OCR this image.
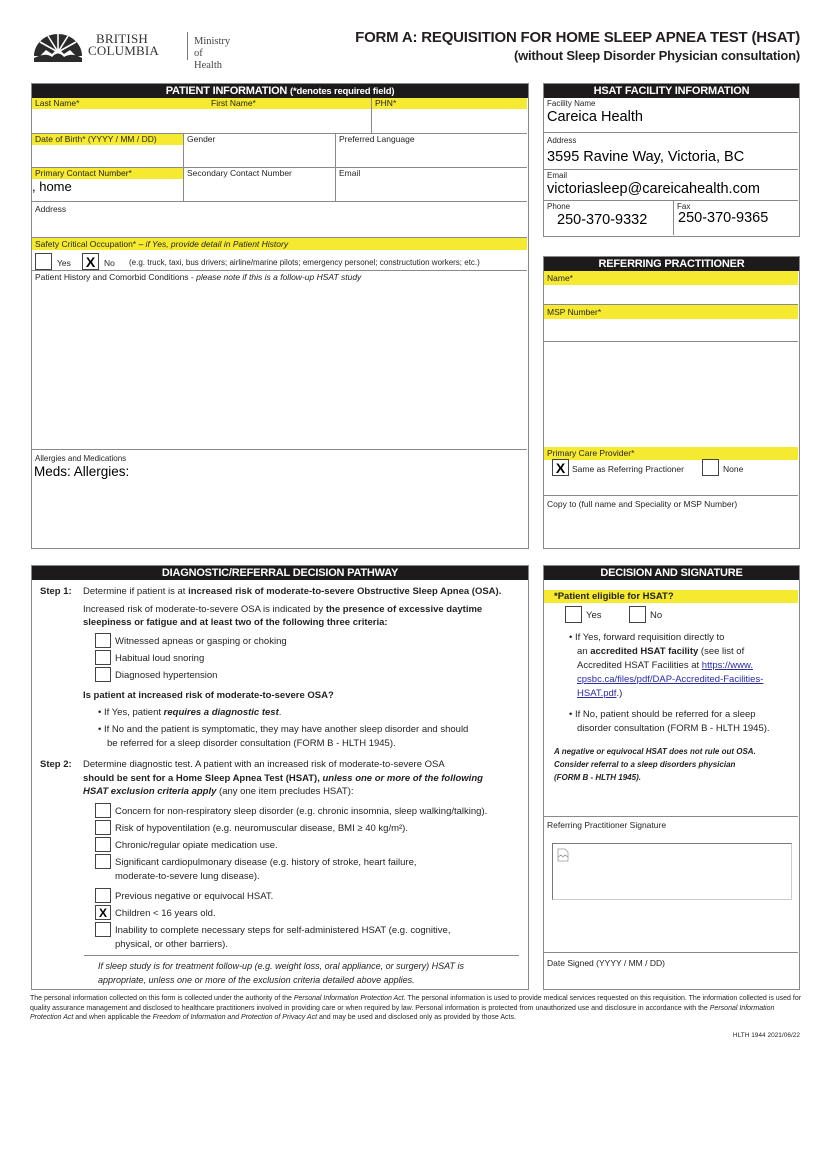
BRITISH
COLUMBIA
Ministry of
Health
FORM A: REQUISITION FOR HOME SLEEP APNEA TEST (HSAT)
(without Sleep Disorder Physician consultation)
PATIENT INFORMATION (*denotes required field)
Last Name*	First Name*	PHN*
Date of Birth* (YYYY / MM / DD)	Gender	Preferred Language
Primary Contact Number*
, home
Secondary Contact Number	Email
Address
Safety Critical Occupation* – if Yes, provide detail in Patient History
Yes X	No (e.g. truck, taxi, bus drivers; airline/marine pilots; emergency personel; constructution workers; etc.)
Patient History and Comorbid Conditions - please note if this is a follow-up HSAT study
Allergies and Medications
Meds: Allergies:
HSAT FACILITY INFORMATION
Facility Name
Careica Health
Address
3595 Ravine Way, Victoria, BC
Email
victoriasleep@careicahealth.com
Phone
250-370-9332
Fax
250-370-9365
REFERRING PRACTITIONER
Name*
MSP Number*
Primary Care Provider*
X Same as Referring Practioner	None
Copy to (full name and Speciality or MSP Number)
DIAGNOSTIC/REFERRAL DECISION PATHWAY
Step 1: Determine if patient is at increased risk of moderate-to-severe Obstructive Sleep Apnea (OSA).
Increased risk of moderate-to-severe OSA is indicated by the presence of excessive daytime
sleepiness or fatigue and at least two of the following three criteria:
Witnessed apneas or gasping or choking
Habitual loud snoring
Diagnosed hypertension
Is patient at increased risk of moderate-to-severe OSA?
• If Yes, patient requires a diagnostic test.
• If No and the patient is symptomatic, they may have another sleep disorder and should
be referred for a sleep disorder consultation (FORM B - HLTH 1945).
Step 2: Determine diagnostic test. A patient with an increased risk of moderate-to-severe OSA
should be sent for a Home Sleep Apnea Test (HSAT), unless one or more of the following
HSAT exclusion criteria apply (any one item precludes HSAT):
Concern for non-respiratory sleep disorder (e.g. chronic insomnia, sleep walking/talking).
Risk of hypoventilation (e.g. neuromuscular disease, BMI ≥ 40 kg/m²).
Chronic/regular opiate medication use.
Significant cardiopulmonary disease (e.g. history of stroke, heart failure,
moderate-to-severe lung disease).
Previous negative or equivocal HSAT.
X Children < 16 years old.
Inability to complete necessary steps for self-administered HSAT (e.g. cognitive,
physical, or other barriers).
If sleep study is for treatment follow-up (e.g. weight loss, oral appliance, or surgery) HSAT is
appropriate, unless one or more of the exclusion criteria detailed above applies.
DECISION AND SIGNATURE
*Patient eligible for HSAT?
Yes	No
• If Yes, forward requisition directly to
an accredited HSAT facility (see list of
Accredited HSAT Facilities at https://www.
cpsbc.ca/files/pdf/DAP-Accredited-Facilities-
HSAT.pdf.)
• If No, patient should be referred for a sleep
disorder consultation (FORM B - HLTH 1945).
A negative or equivocal HSAT does not rule out OSA.
Consider referral to a sleep disorders physician
(FORM B - HLTH 1945).
Referring Practitioner Signature
Date Signed (YYYY / MM / DD)
The personal information collected on this form is collected under the authority of the Personal Information Protection Act. The personal information is used to provide medical services requested on this requisition. The information collected is used for quality assurance management and disclosed to healthcare practitioners involved in providing care or when required by law. Personal information is protected from unauthorized use and disclosure in accordance with the Personal Information Protection Act and when applicable the Freedom of Information and Protection of Privacy Act and may be used and disclosed only as provided by those Acts.
HLTH 1944 2021/06/22
